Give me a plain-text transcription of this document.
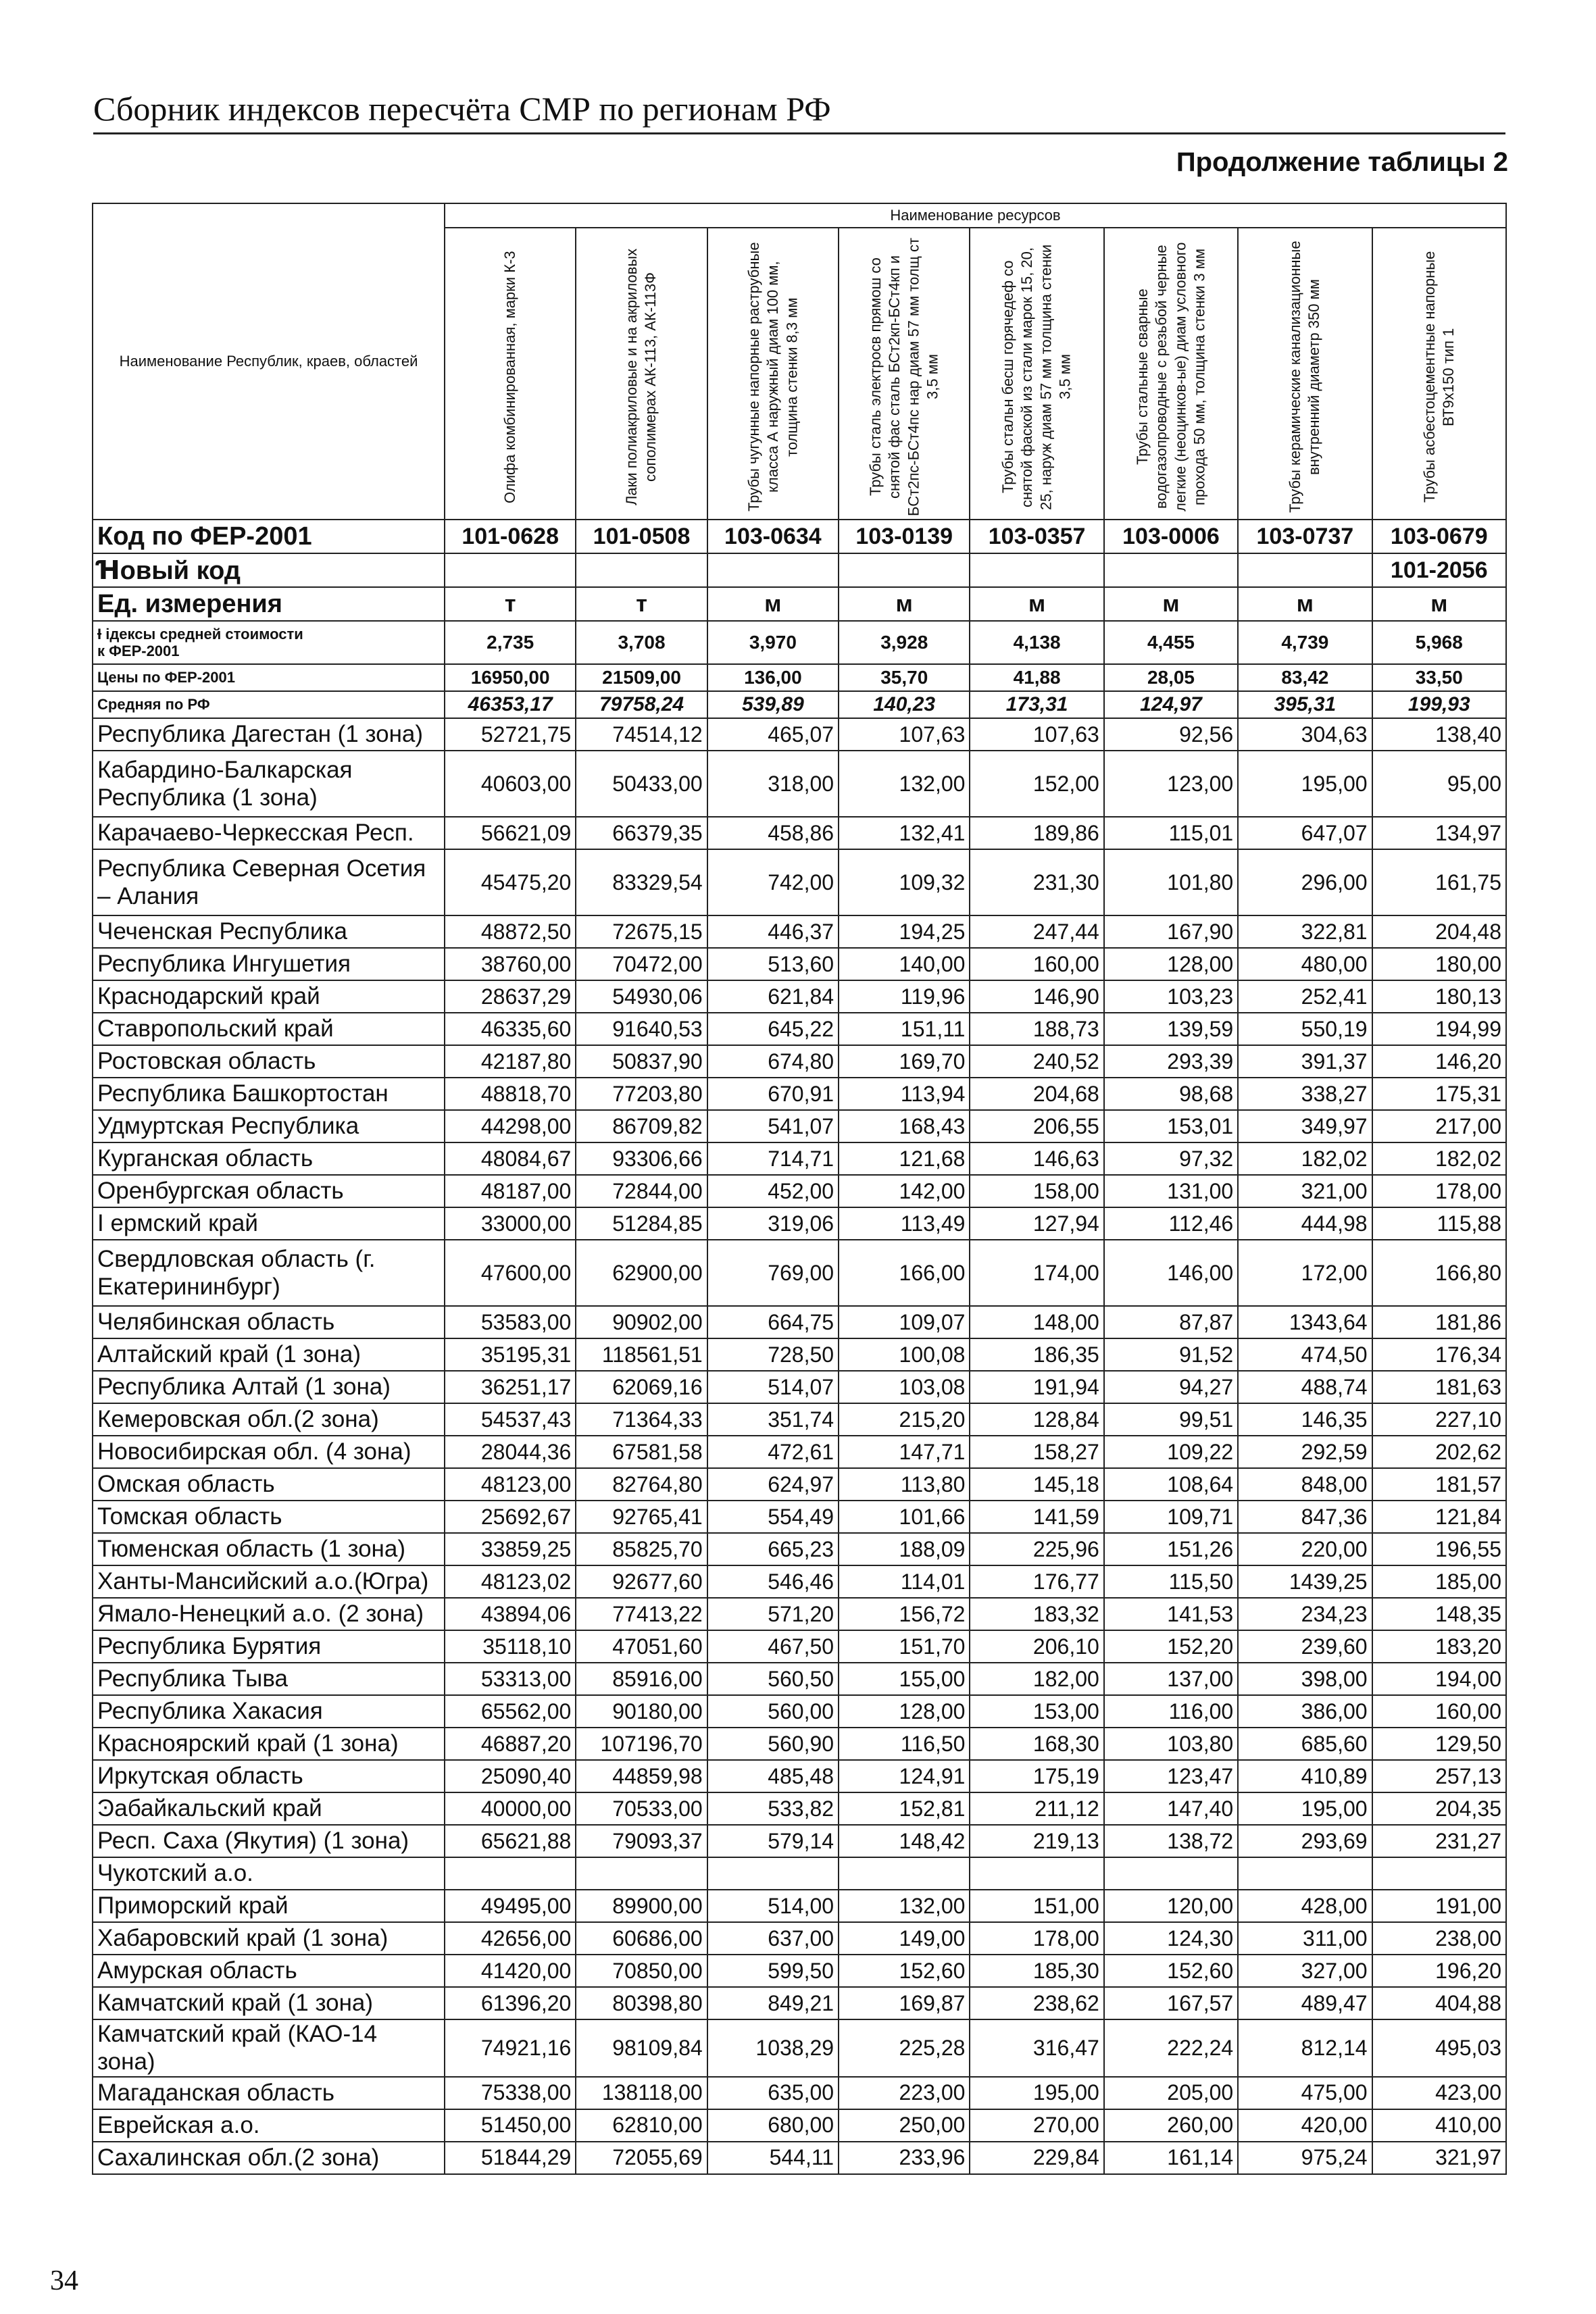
Сборник индексов пересчёта СМР по регионам РФ
Продолжение таблицы 2
Наименование Республик, краев, областей	Наименование ресурсов							

	Олифа комбинированная, марки К-3	Лаки полиакриловые и на акриловых сополимерах АК-113, АК-113Ф	Трубы чугунные напорные раструбные класса А наружный диам 100 мм, толщина стенки 8,3 мм	Трубы сталь электросв прямош со снятой фас сталь БСт2кп-БСт4кп и БСт2пс-БСт4пс нар диам 57 мм толщ ст 3,5 мм	Трубы стальн бесш горячедеф со снятой фаской из стали марок 15, 20, 25, наруж диам 57 мм толщина стенки 3,5 мм	Трубы стальные сварные водогазопроводные с резьбой черные легкие (неоцинков-ые) диам условного прохода 50 мм, толщина стенки 3 мм	Трубы керамические канализационные внутренний диаметр 350 мм	Трубы асбестоцементные напорные ВТ9х150 тип 1

Код по ФЕР-2001	101-0628	101-0508	103-0634	103-0139	103-0357	103-0006	103-0737	103-0679
Ɦовый код								101-2056
Ед. измерения	т	т	м	м	м	м	м	м
Ɨ ідексы средней стоимости
к ФЕР-2001	2,735	3,708	3,970	3,928	4,138	4,455	4,739	5,968
Цены по ФЕР-2001	16950,00	21509,00	136,00	35,70	41,88	28,05	83,42	33,50
Средняя по РФ	46353,17	79758,24	539,89	140,23	173,31	124,97	395,31	199,93
Республика Дагестан (1 зона)	52721,75	74514,12	465,07	107,63	107,63	92,56	304,63	138,40
Кабардино-Балкарская Республика (1 зона)	40603,00	50433,00	318,00	132,00	152,00	123,00	195,00	95,00
Карачаево-Черкесская Респ.	56621,09	66379,35	458,86	132,41	189,86	115,01	647,07	134,97
Республика Северная Осетия – Алания	45475,20	83329,54	742,00	109,32	231,30	101,80	296,00	161,75
Чеченская Республика	48872,50	72675,15	446,37	194,25	247,44	167,90	322,81	204,48
Республика Ингушетия	38760,00	70472,00	513,60	140,00	160,00	128,00	480,00	180,00
Краснодарский край	28637,29	54930,06	621,84	119,96	146,90	103,23	252,41	180,13
Ставропольский край	46335,60	91640,53	645,22	151,11	188,73	139,59	550,19	194,99
Ростовская область	42187,80	50837,90	674,80	169,70	240,52	293,39	391,37	146,20
Республика Башкортостан	48818,70	77203,80	670,91	113,94	204,68	98,68	338,27	175,31
Удмуртская Республика	44298,00	86709,82	541,07	168,43	206,55	153,01	349,97	217,00
Курганская область	48084,67	93306,66	714,71	121,68	146,63	97,32	182,02	182,02
Оренбургская область	48187,00	72844,00	452,00	142,00	158,00	131,00	321,00	178,00
I ермский край	33000,00	51284,85	319,06	113,49	127,94	112,46	444,98	115,88
Свердловская область (г. Екатерининбург)	47600,00	62900,00	769,00	166,00	174,00	146,00	172,00	166,80
Челябинская область	53583,00	90902,00	664,75	109,07	148,00	87,87	1343,64	181,86
Алтайский край (1 зона)	35195,31	118561,51	728,50	100,08	186,35	91,52	474,50	176,34
Республика Алтай (1 зона)	36251,17	62069,16	514,07	103,08	191,94	94,27	488,74	181,63
Кемеровская обл.(2 зона)	54537,43	71364,33	351,74	215,20	128,84	99,51	146,35	227,10
Новосибирская обл. (4 зона)	28044,36	67581,58	472,61	147,71	158,27	109,22	292,59	202,62
Омская область	48123,00	82764,80	624,97	113,80	145,18	108,64	848,00	181,57
Томская область	25692,67	92765,41	554,49	101,66	141,59	109,71	847,36	121,84
Тюменская область (1 зона)	33859,25	85825,70	665,23	188,09	225,96	151,26	220,00	196,55
Ханты-Мансийский а.о.(Югра)	48123,02	92677,60	546,46	114,01	176,77	115,50	1439,25	185,00
Ямало-Ненецкий а.о. (2 зона)	43894,06	77413,22	571,20	156,72	183,32	141,53	234,23	148,35
Республика Бурятия	35118,10	47051,60	467,50	151,70	206,10	152,20	239,60	183,20
Республика Тыва	53313,00	85916,00	560,50	155,00	182,00	137,00	398,00	194,00
Республика Хакасия	65562,00	90180,00	560,00	128,00	153,00	116,00	386,00	160,00
Красноярский край (1 зона)	46887,20	107196,70	560,90	116,50	168,30	103,80	685,60	129,50
Иркутская область	25090,40	44859,98	485,48	124,91	175,19	123,47	410,89	257,13
Ͽабайкальский край	40000,00	70533,00	533,82	152,81	211,12	147,40	195,00	204,35
Респ. Саха (Якутия) (1 зона)	65621,88	79093,37	579,14	148,42	219,13	138,72	293,69	231,27
Чукотский а.о.								
Приморский край	49495,00	89900,00	514,00	132,00	151,00	120,00	428,00	191,00
Хабаровский край (1 зона)	42656,00	60686,00	637,00	149,00	178,00	124,30	311,00	238,00
Амурская область	41420,00	70850,00	599,50	152,60	185,30	152,60	327,00	196,20
Камчатский край (1 зона)	61396,20	80398,80	849,21	169,87	238,62	167,57	489,47	404,88
Камчатский край (КАО-14 зона)	74921,16	98109,84	1038,29	225,28	316,47	222,24	812,14	495,03
Магаданская область	75338,00	138118,00	635,00	223,00	195,00	205,00	475,00	423,00
Еврейская а.о.	51450,00	62810,00	680,00	250,00	270,00	260,00	420,00	410,00
Сахалинская обл.(2 зона)	51844,29	72055,69	544,11	233,96	229,84	161,14	975,24	321,97
34
